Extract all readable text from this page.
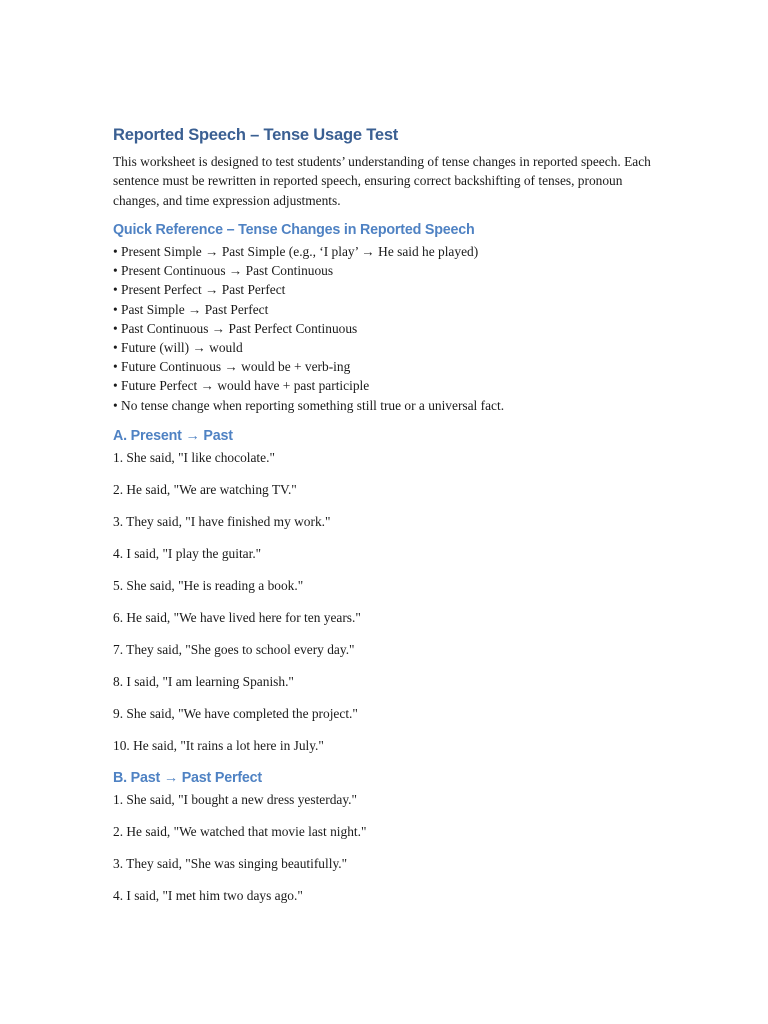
Reported Speech – Tense Usage Test

This worksheet is designed to test students’ understanding of tense changes in reported speech. Each sentence must be rewritten in reported speech, ensuring correct backshifting of tenses, pronoun changes, and time expression adjustments.

Quick Reference – Tense Changes in Reported Speech
• Present Simple → Past Simple (e.g., ‘I play’ → He said he played)
• Present Continuous → Past Continuous
• Present Perfect → Past Perfect
• Past Simple → Past Perfect
• Past Continuous → Past Perfect Continuous
• Future (will) → would
• Future Continuous → would be + verb-ing
• Future Perfect → would have + past participle
• No tense change when reporting something still true or a universal fact.
A. Present → Past
1. She said, "I like chocolate."
2. He said, "We are watching TV."
3. They said, "I have finished my work."
4. I said, "I play the guitar."
5. She said, "He is reading a book."
6. He said, "We have lived here for ten years."
7. They said, "She goes to school every day."
8. I said, "I am learning Spanish."
9. She said, "We have completed the project."
10. He said, "It rains a lot here in July."
B. Past → Past Perfect
1. She said, "I bought a new dress yesterday."
2. He said, "We watched that movie last night."
3. They said, "She was singing beautifully."
4. I said, "I met him two days ago."
